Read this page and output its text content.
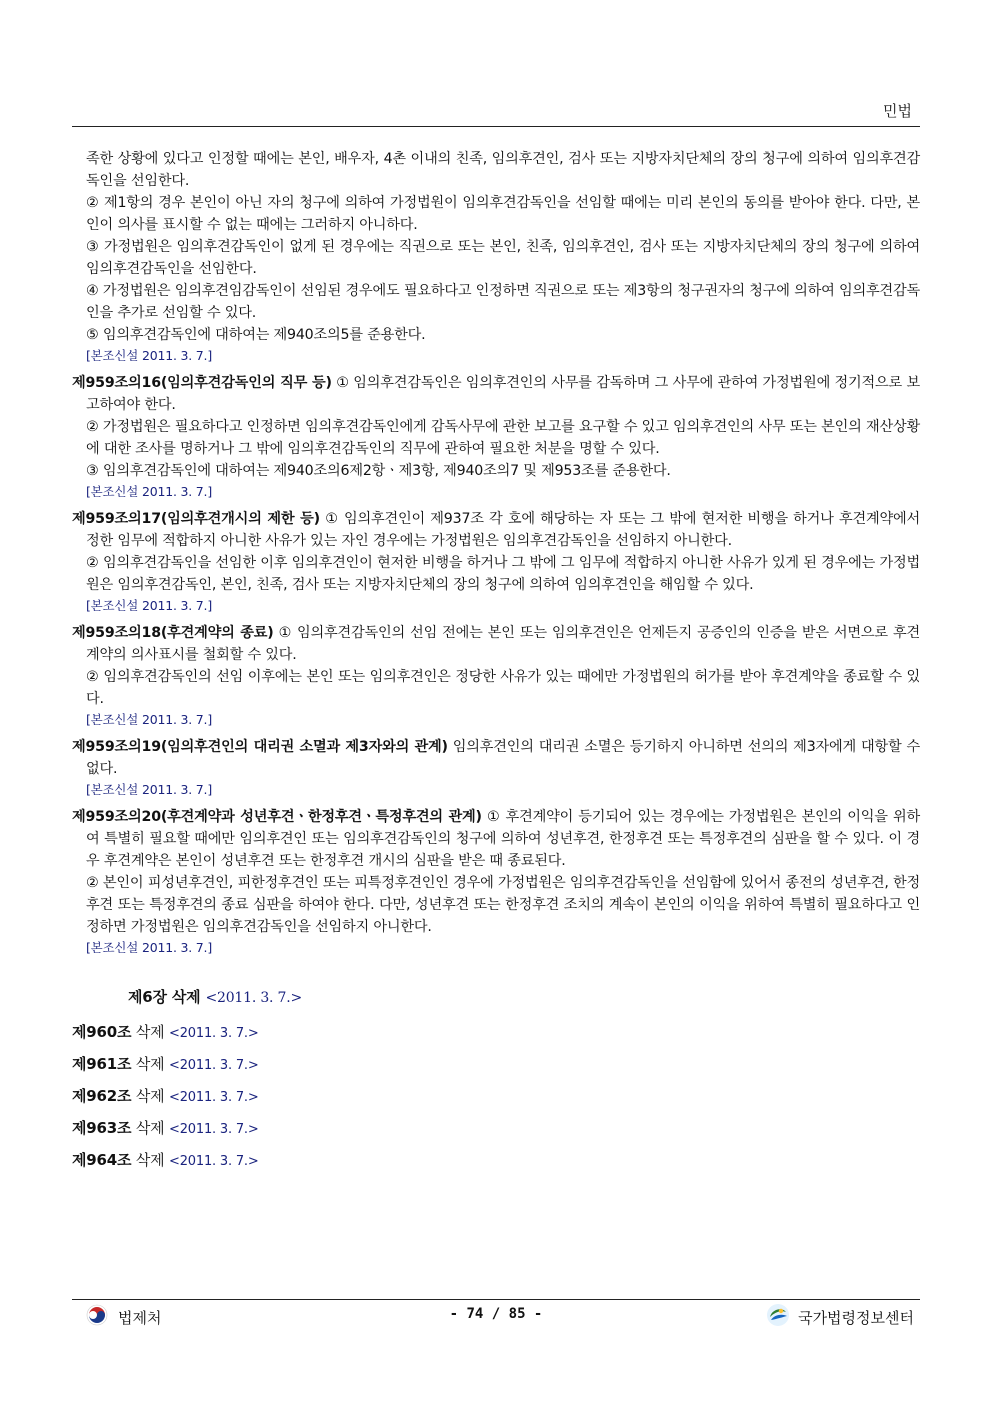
민법
족한 상황에 있다고 인정할 때에는 본인, 배우자, 4촌 이내의 친족, 임의후견인, 검사 또는 지방자치단체의 장의 청구에 의하여 임의후견감독인을 선임한다.
② 제1항의 경우 본인이 아닌 자의 청구에 의하여 가정법원이 임의후견감독인을 선임할 때에는 미리 본인의 동의를 받아야 한다. 다만, 본인이 의사를 표시할 수 없는 때에는 그러하지 아니하다.
③ 가정법원은 임의후견감독인이 없게 된 경우에는 직권으로 또는 본인, 친족, 임의후견인, 검사 또는 지방자치단체의 장의 청구에 의하여 임의후견감독인을 선임한다.
④ 가정법원은 임의후견임감독인이 선임된 경우에도 필요하다고 인정하면 직권으로 또는 제3항의 청구권자의 청구에 의하여 임의후견감독인을 추가로 선임할 수 있다.
⑤ 임의후견감독인에 대하여는 제940조의5를 준용한다.
[본조신설 2011. 3. 7.]
제959조의16(임의후견감독인의 직무 등) ① 임의후견감독인은 임의후견인의 사무를 감독하며 그 사무에 관하여 가정법원에 정기적으로 보고하여야 한다.
② 가정법원은 필요하다고 인정하면 임의후견감독인에게 감독사무에 관한 보고를 요구할 수 있고 임의후견인의 사무 또는 본인의 재산상황에 대한 조사를 명하거나 그 밖에 임의후견감독인의 직무에 관하여 필요한 처분을 명할 수 있다.
③ 임의후견감독인에 대하여는 제940조의6제2항ㆍ제3항, 제940조의7 및 제953조를 준용한다.
[본조신설 2011. 3. 7.]
제959조의17(임의후견개시의 제한 등) ① 임의후견인이 제937조 각 호에 해당하는 자 또는 그 밖에 현저한 비행을 하거나 후견계약에서 정한 임무에 적합하지 아니한 사유가 있는 자인 경우에는 가정법원은 임의후견감독인을 선임하지 아니한다.
② 임의후견감독인을 선임한 이후 임의후견인이 현저한 비행을 하거나 그 밖에 그 임무에 적합하지 아니한 사유가 있게 된 경우에는 가정법원은 임의후견감독인, 본인, 친족, 검사 또는 지방자치단체의 장의 청구에 의하여 임의후견인을 해임할 수 있다.
[본조신설 2011. 3. 7.]
제959조의18(후견계약의 종료) ① 임의후견감독인의 선임 전에는 본인 또는 임의후견인은 언제든지 공증인의 인증을 받은 서면으로 후견계약의 의사표시를 철회할 수 있다.
② 임의후견감독인의 선임 이후에는 본인 또는 임의후견인은 정당한 사유가 있는 때에만 가정법원의 허가를 받아 후견계약을 종료할 수 있다.
[본조신설 2011. 3. 7.]
제959조의19(임의후견인의 대리권 소멸과 제3자와의 관계) 임의후견인의 대리권 소멸은 등기하지 아니하면 선의의 제3자에게 대항할 수 없다.
[본조신설 2011. 3. 7.]
제959조의20(후견계약과 성년후견ㆍ한정후견ㆍ특정후견의 관계) ① 후견계약이 등기되어 있는 경우에는 가정법원은 본인의 이익을 위하여 특별히 필요할 때에만 임의후견인 또는 임의후견감독인의 청구에 의하여 성년후견, 한정후견 또는 특정후견의 심판을 할 수 있다. 이 경우 후견계약은 본인이 성년후견 또는 한정후견 개시의 심판을 받은 때 종료된다.
② 본인이 피성년후견인, 피한정후견인 또는 피특정후견인인 경우에 가정법원은 임의후견감독인을 선임함에 있어서 종전의 성년후견, 한정후견 또는 특정후견의 종료 심판을 하여야 한다. 다만, 성년후견 또는 한정후견 조치의 계속이 본인의 이익을 위하여 특별히 필요하다고 인정하면 가정법원은 임의후견감독인을 선임하지 아니한다.
[본조신설 2011. 3. 7.]
제6장 삭제 <2011. 3. 7.>
제960조 삭제 <2011. 3. 7.>
제961조 삭제 <2011. 3. 7.>
제962조 삭제 <2011. 3. 7.>
제963조 삭제 <2011. 3. 7.>
제964조 삭제 <2011. 3. 7.>
법제처	- 74 / 85 -	국가법령정보센터
